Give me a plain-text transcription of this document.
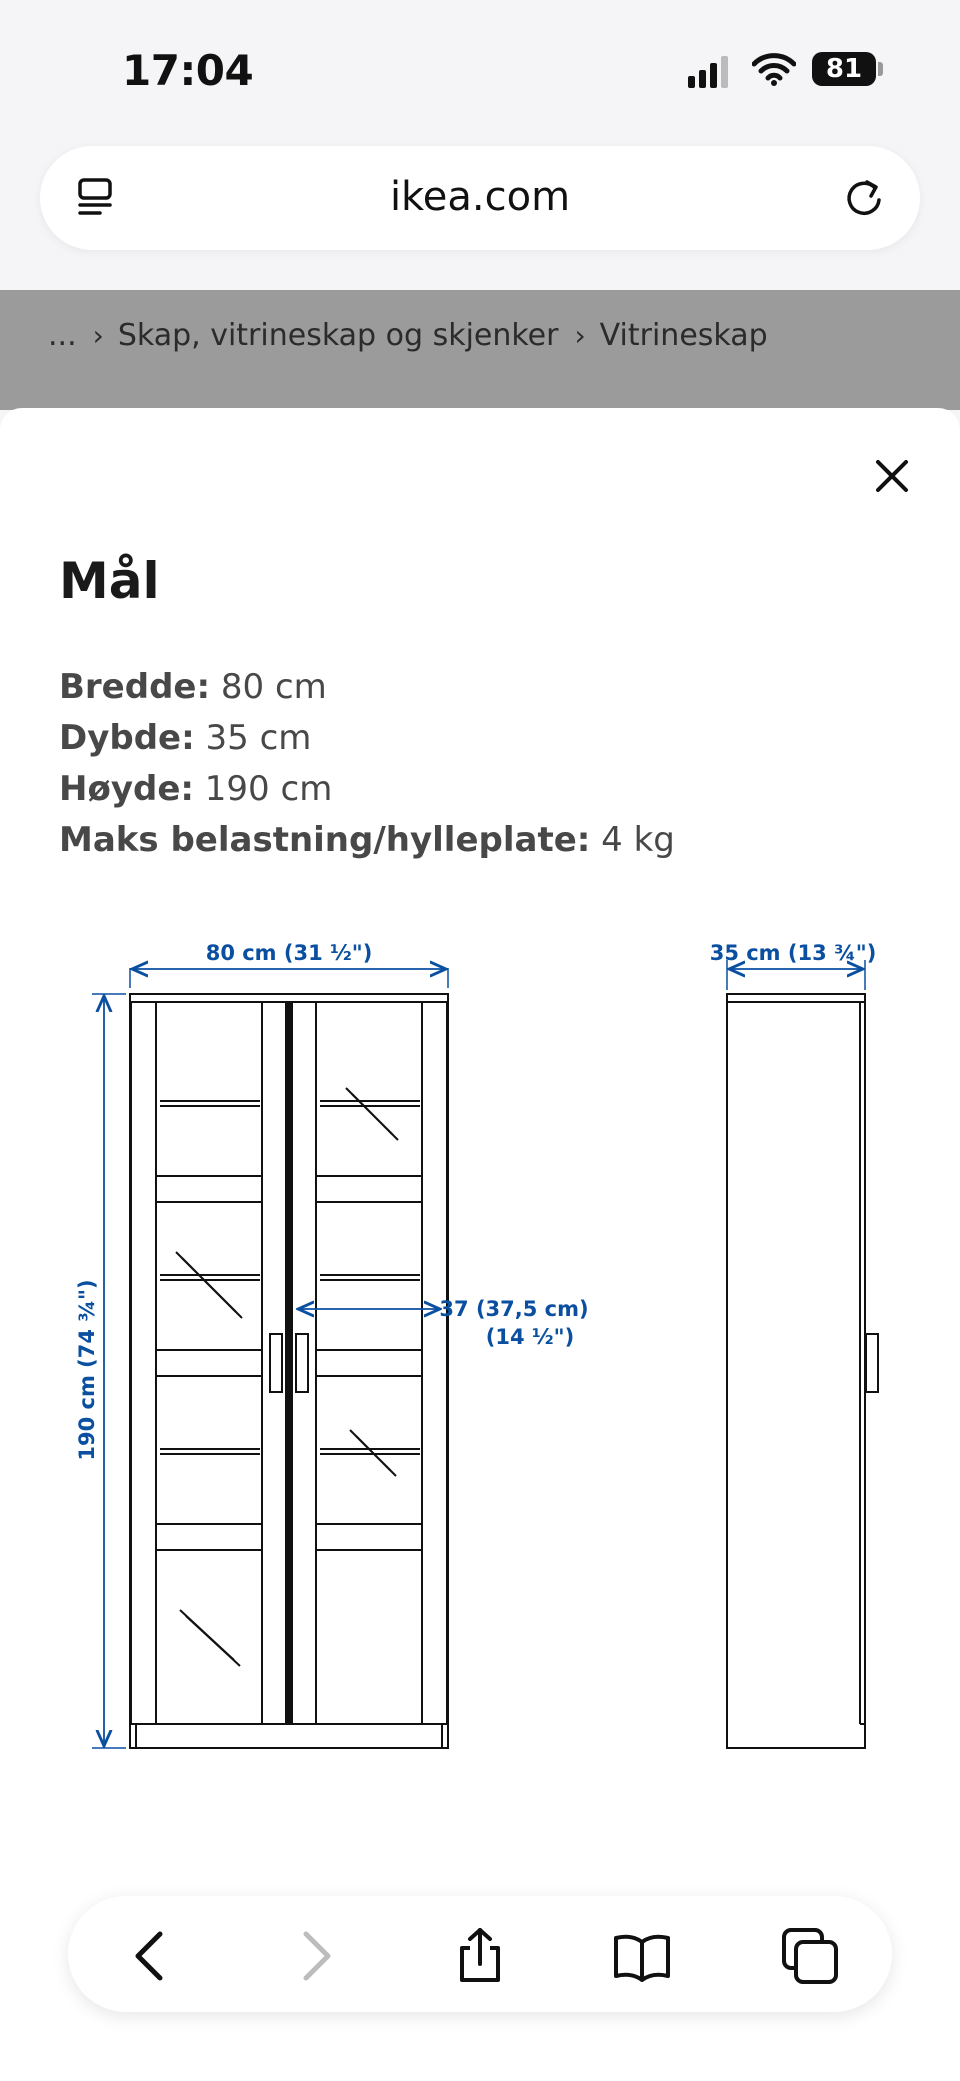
17:04	81
ikea.com
... › Skap, vitrineskap og skjenker › Vitrineskap
Mål
Bredde: 80 cm
Dybde: 35 cm
Høyde: 190 cm
Maks belastning/hylleplate: 4 kg
80 cm (31 ½")
190 cm (74 ¾")	37 (37,5 cm)
(14 ½")
35 cm (13 ¾")
